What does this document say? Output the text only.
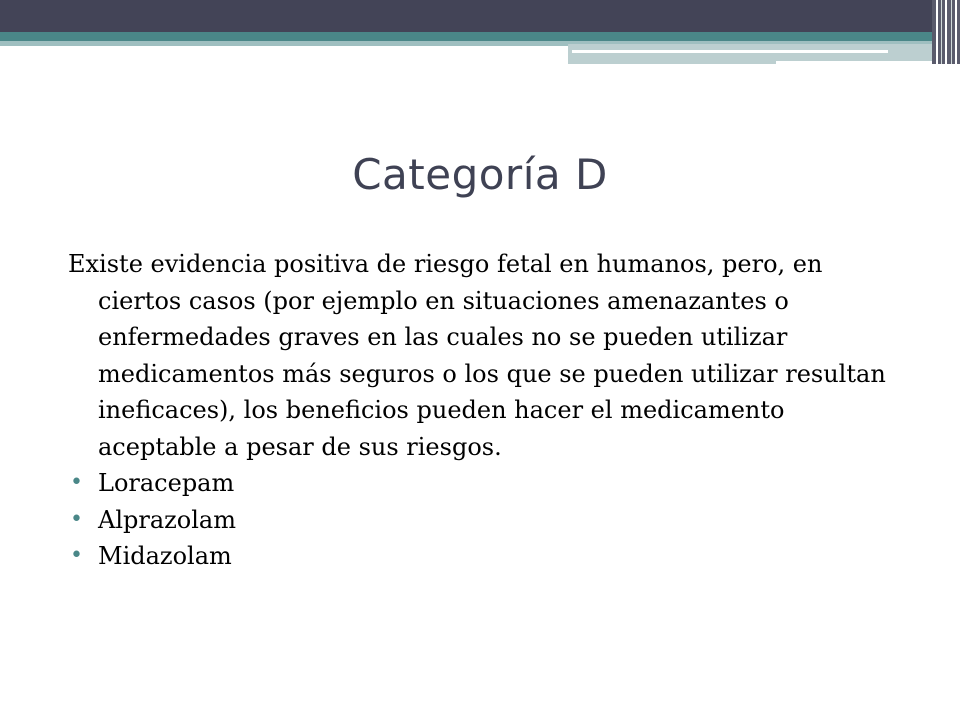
Categoría D

Existe evidencia positiva de riesgo fetal en humanos, pero, en ciertos casos (por ejemplo en situaciones amenazantes o enfermedades graves en las cuales no se pueden utilizar medicamentos más seguros o los que se pueden utilizar resultan ineficaces), los beneficios pueden hacer el medicamento aceptable a pesar de sus riesgos.

• Loracepam
• Alprazolam
• Midazolam
